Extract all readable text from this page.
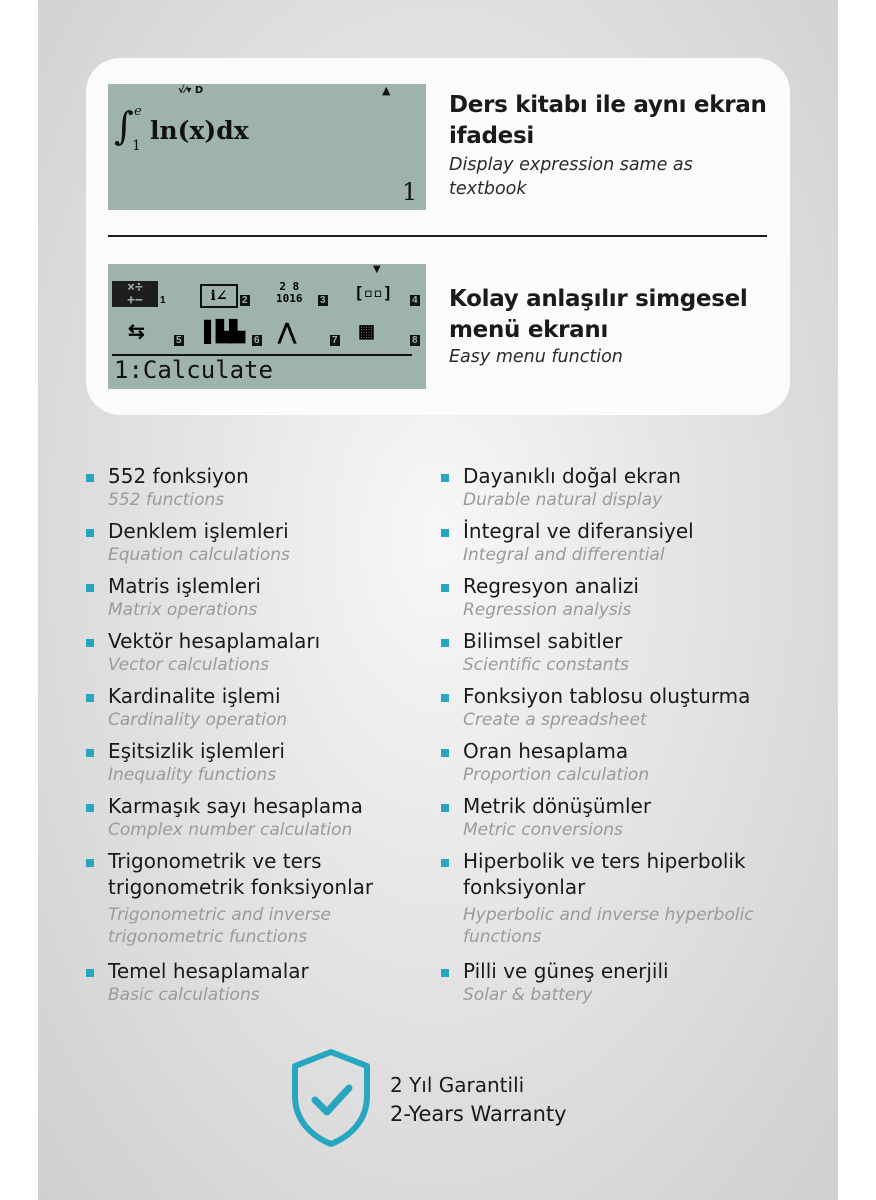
√⁄▾ D	▲
∫ e
1
ln(x)dx
1
Ders kitabı ile aynı ekran ifadesi
Display expression same as textbook
▼
×÷
+−	1	i∠	2
2 8
1016 3 [▫▫] 4
⇆	5 ▌▙▙ 6 ⋀	7 ▦	8
1:Calculate
Kolay anlaşılır simgesel menü ekranı
Easy menu function
552 fonksiyon
552 functions
Denklem işlemleri
Equation calculations
Matris işlemleri
Matrix operations
Vektör hesaplamaları
Vector calculations
Kardinalite işlemi
Cardinality operation
Eşitsizlik işlemleri
Inequality functions
Karmaşık sayı hesaplama
Complex number calculation
Trigonometrik ve ters trigonometrik fonksiyonlar
Trigonometric and inverse trigonometric functions
Temel hesaplamalar
Basic calculations
Dayanıklı doğal ekran
Durable natural display
İntegral ve diferansiyel
Integral and differential
Regresyon analizi
Regression analysis
Bilimsel sabitler
Scientific constants
Fonksiyon tablosu oluşturma
Create a spreadsheet
Oran hesaplama
Proportion calculation
Metrik dönüşümler
Metric conversions
Hiperbolik ve ters hiperbolik fonksiyonlar
Hyperbolic and inverse hyperbolic functions
Pilli ve güneş enerjili
Solar & battery
2 Yıl Garantili
2-Years Warranty
